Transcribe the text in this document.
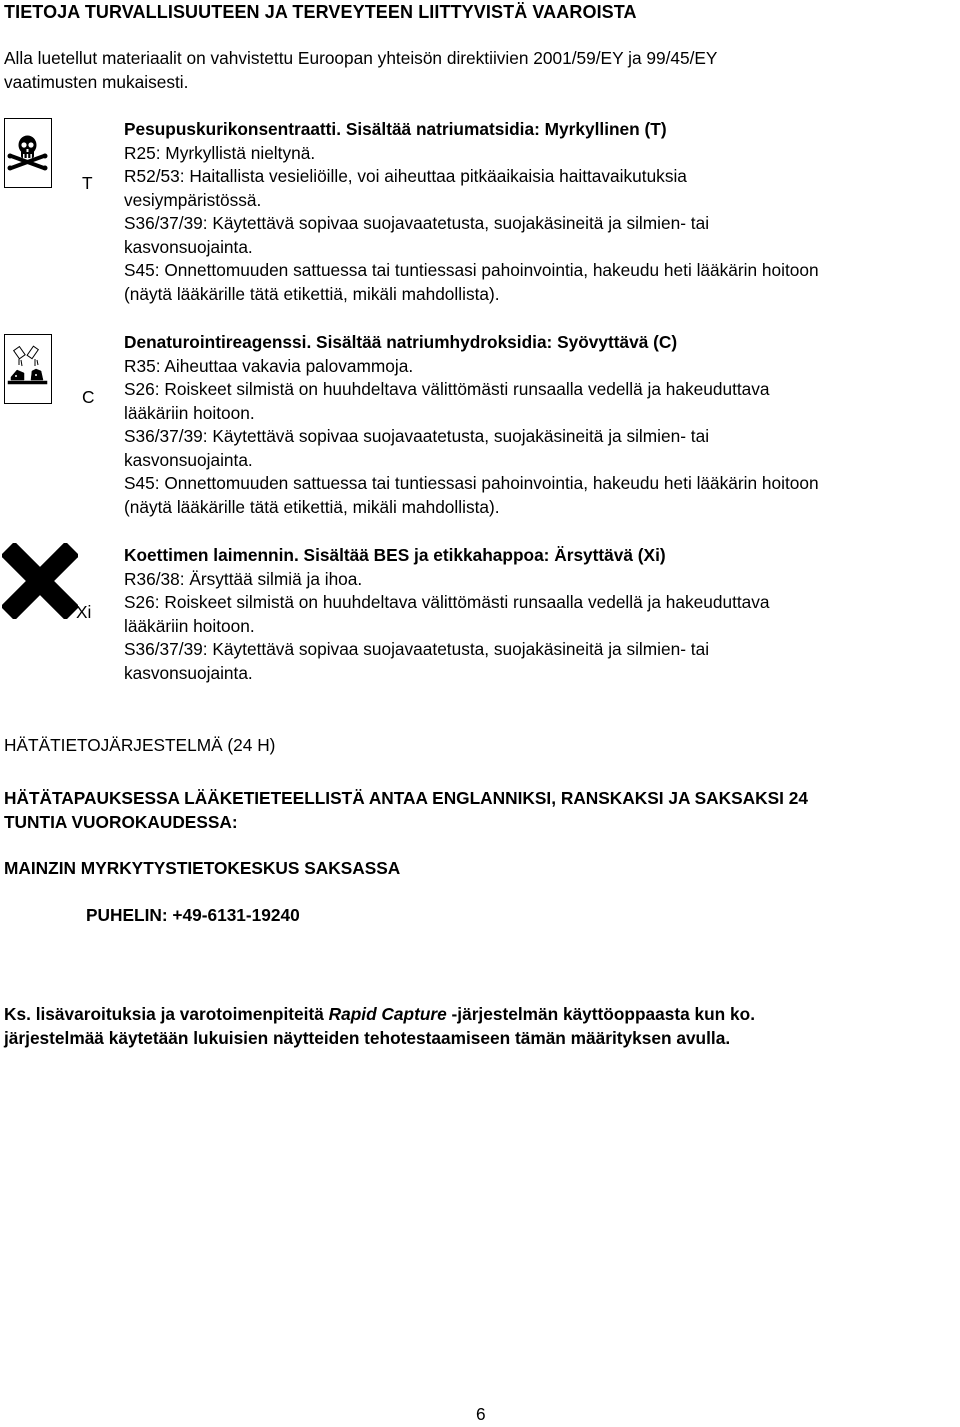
TIETOJA TURVALLISUUTEEN JA TERVEYTEEN LIITTYVISTÄ VAAROISTA
Alla luetellut materiaalit on vahvistettu Euroopan yhteisön direktiivien 2001/59/EY ja 99/45/EY
vaatimusten mukaisesti.
T
Pesupuskurikonsentraatti. Sisältää natriumatsidia: Myrkyllinen (T)
R25: Myrkyllistä nieltynä.
R52/53: Haitallista vesieliöille, voi aiheuttaa pitkäaikaisia haittavaikutuksia
vesiympäristössä.
S36/37/39: Käytettävä sopivaa suojavaatetusta, suojakäsineitä ja silmien- tai
kasvonsuojainta.
S45: Onnettomuuden sattuessa tai tuntiessasi pahoinvointia, hakeudu heti lääkärin hoitoon
(näytä lääkärille tätä etikettiä, mikäli mahdollista).
C
Denaturointireagenssi. Sisältää natriumhydroksidia: Syövyttävä (C)
R35: Aiheuttaa vakavia palovammoja.
S26: Roiskeet silmistä on huuhdeltava välittömästi runsaalla vedellä ja hakeuduttava
lääkäriin hoitoon.
S36/37/39: Käytettävä sopivaa suojavaatetusta, suojakäsineitä ja silmien- tai
kasvonsuojainta.
S45: Onnettomuuden sattuessa tai tuntiessasi pahoinvointia, hakeudu heti lääkärin hoitoon
(näytä lääkärille tätä etikettiä, mikäli mahdollista).
Xi
Koettimen laimennin. Sisältää BES ja etikkahappoa: Ärsyttävä (Xi)
R36/38: Ärsyttää silmiä ja ihoa.
S26: Roiskeet silmistä on huuhdeltava välittömästi runsaalla vedellä ja hakeuduttava
lääkäriin hoitoon.
S36/37/39: Käytettävä sopivaa suojavaatetusta, suojakäsineitä ja silmien- tai
kasvonsuojainta.
HÄTÄTIETOJÄRJESTELMÄ (24 H)
HÄTÄTAPAUKSESSA LÄÄKETIETEELLISTÄ ANTAA ENGLANNIKSI, RANSKAKSI JA SAKSAKSI 24
TUNTIA VUOROKAUDESSA:
MAINZIN MYRKYTYSTIETOKESKUS SAKSASSA
PUHELIN: +49-6131-19240
Ks. lisävaroituksia ja varotoimenpiteitä Rapid Capture -järjestelmän käyttöoppaasta kun ko.
järjestelmää käytetään lukuisien näytteiden tehotestaamiseen tämän määrityksen avulla.
6
